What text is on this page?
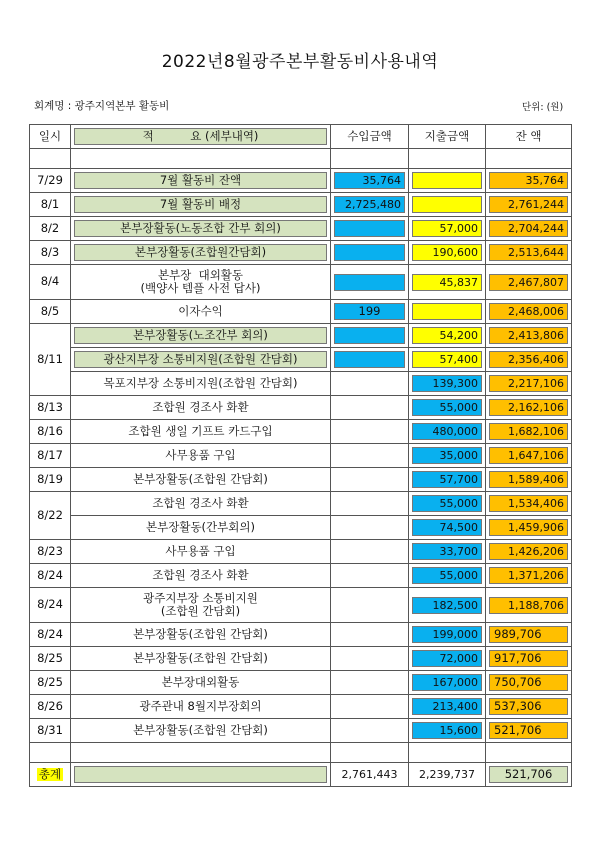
2022년8월광주본부활동비사용내역
회계명 : 광주지역본부 활동비	단위: (원)
일시	적          요 (세부내역)	수입금액	지출금액	잔 액

7/29	7월 활동비 잔액	35,764		35,764

8/1	7월 활동비 배정	2,725,480		2,761,244

8/2	본부장활동(노동조합 간부 회의)		57,000	2,704,244

8/3	본부장활동(조합원간담회)		190,600	2,513,644

8/4	본부장  대외활동
(백양사 템플 사전 답사)		45,837	2,467,807

8/5	이자수익	199		2,468,006

8/11	본부장활동(노조간부 회의)		54,200	2,413,806

	광산지부장 소통비지원(조합원 간담회)		57,400	2,356,406

	목포지부장 소통비지원(조합원 간담회)		139,300	2,217,106

8/13	조합원 경조사 화환		55,000	2,162,106

8/16	조합원 생일 기프트 카드구입		480,000	1,682,106

8/17	사무용품 구입		35,000	1,647,106

8/19	본부장활동(조합원 간담회)		57,700	1,589,406

8/22	조합원 경조사 화환		55,000	1,534,406

	본부장활동(간부회의)		74,500	1,459,906

8/23	사무용품 구입		33,700	1,426,206

8/24	조합원 경조사 화환		55,000	1,371,206

8/24	광주지부장 소통비지원
(조합원 간담회)		182,500	1,188,706

8/24	본부장활동(조합원 간담회)		199,000	989,706

8/25	본부장활동(조합원 간담회)		72,000	917,706

8/25	본부장대외활동		167,000	750,706

8/26	광주관내 8월지부장회의		213,400	537,306

8/31	본부장활동(조합원 간담회)		15,600	521,706

총계		2,761,443	2,239,737	521,706
